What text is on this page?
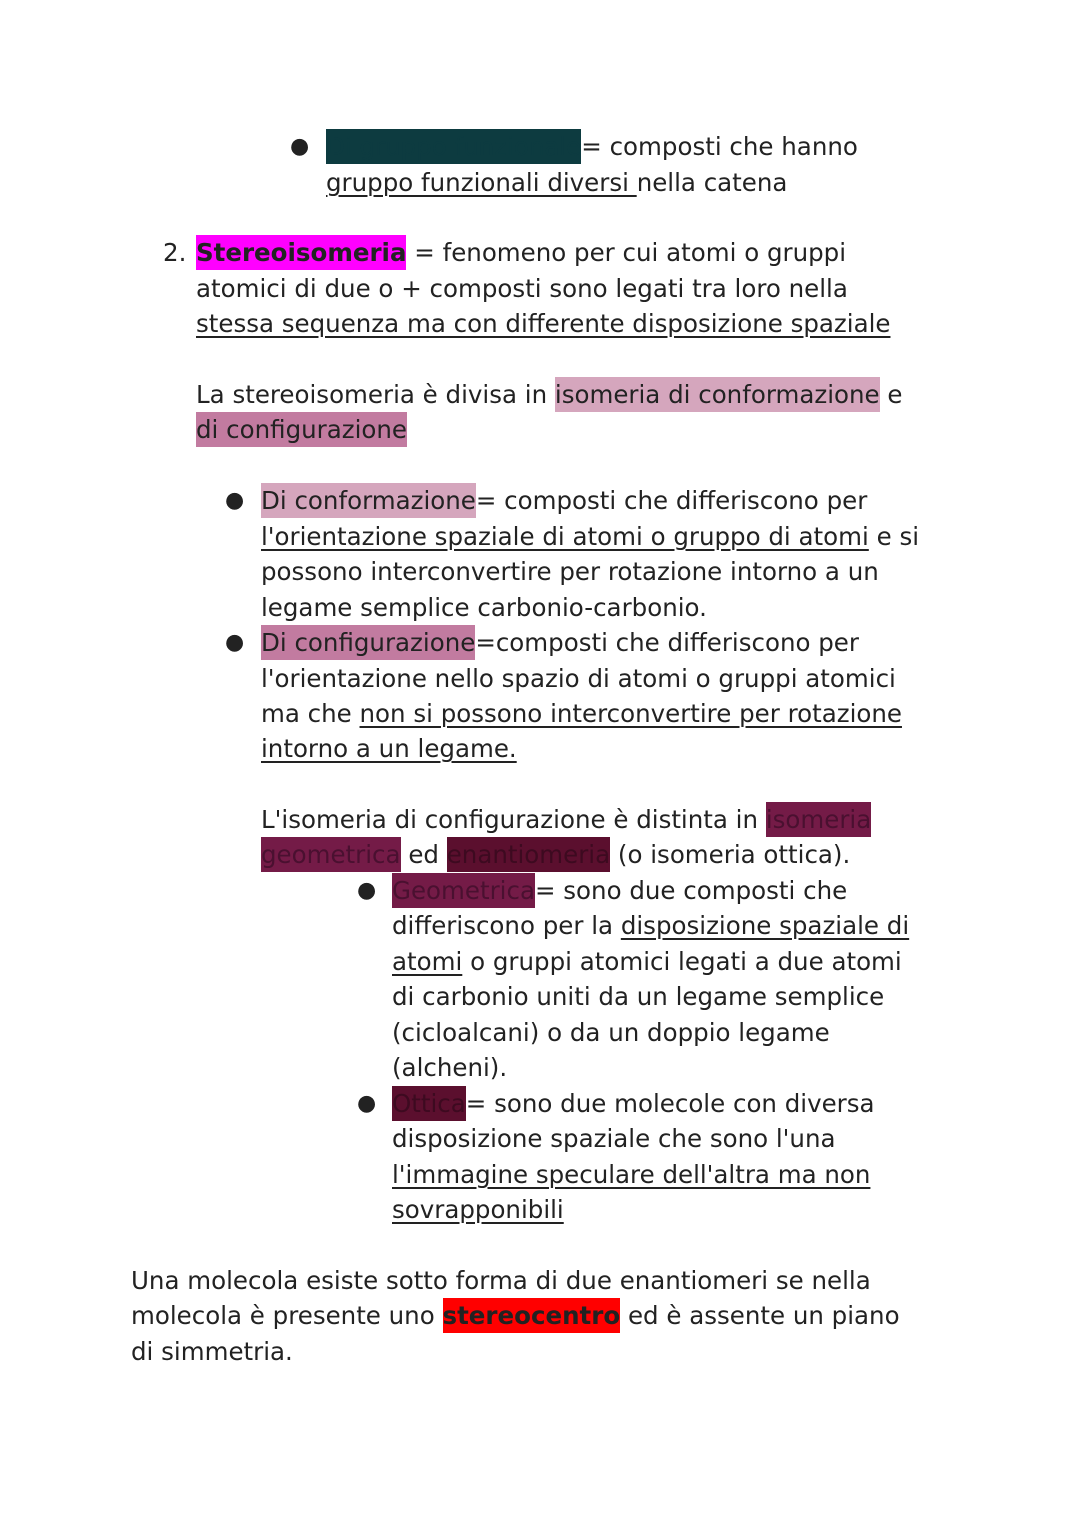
● Di gruppo funzionale= composti che hanno
gruppo funzionali diversi nella catena
2. Stereoisomeria = fenomeno per cui atomi o gruppi
atomici di due o + composti sono legati tra loro nella
stessa sequenza ma con differente disposizione spaziale
La stereoisomeria è divisa in isomeria di conformazione e
di configurazione
● Di conformazione= composti che differiscono per
l'orientazione spaziale di atomi o gruppo di atomi e si
possono interconvertire per rotazione intorno a un
legame semplice carbonio-carbonio.
● Di configurazione=composti che differiscono per
l'orientazione nello spazio di atomi o gruppi atomici
ma che non si possono interconvertire per rotazione
intorno a un legame.
L'isomeria di configurazione è distinta in isomeria
geometrica ed enantiomeria (o isomeria ottica).
● Geometrica= sono due composti che
differiscono per la disposizione spaziale di
atomi o gruppi atomici legati a due atomi
di carbonio uniti da un legame semplice
(cicloalcani) o da un doppio legame
(alcheni).
● Ottica= sono due molecole con diversa
disposizione spaziale che sono l'una
l'immagine speculare dell'altra ma non
sovrapponibili
Una molecola esiste sotto forma di due enantiomeri se nella
molecola è presente uno stereocentro ed è assente un piano
di simmetria.
